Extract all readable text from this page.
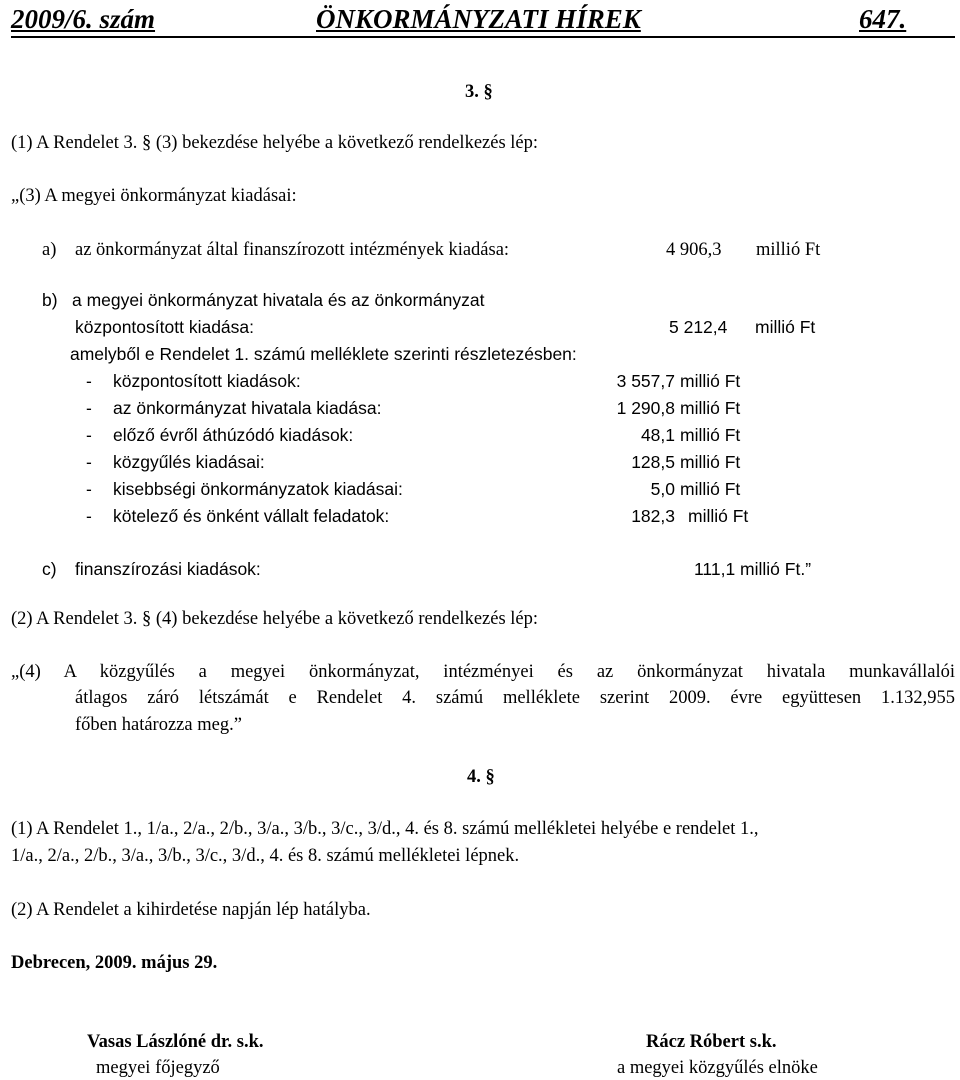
2009/6. szám	ÖNKORMÁNYZATI HÍREK	647.
3. §
(1) A Rendelet 3. § (3) bekezdése helyébe a következő rendelkezés lép:
„(3) A megyei önkormányzat kiadásai:
a) az önkormányzat által finanszírozott intézmények kiadása:	4 906,3 millió Ft
b) a megyei önkormányzat hivatala és az önkormányzat
központosított kiadása:	5 212,4 millió Ft
amelyből e Rendelet 1. számú melléklete szerinti részletezésben:
- központosított kiadások:	3 557,7 millió Ft
- az önkormányzat hivatala kiadása:	1 290,8 millió Ft
- előző évről áthúzódó kiadások:	48,1 millió Ft
- közgyűlés kiadásai:	128,5 millió Ft
- kisebbségi önkormányzatok kiadásai:	5,0 millió Ft
- kötelező és önként vállalt feladatok:	182,3 millió Ft
c) finanszírozási kiadások:	111,1 millió Ft.”
(2) A Rendelet 3. § (4) bekezdése helyébe a következő rendelkezés lép:
„(4) A közgyűlés a megyei önkormányzat, intézményei és az önkormányzat hivatala munkavállalói
átlagos záró létszámát e Rendelet 4. számú melléklete szerint 2009. évre együttesen 1.132,955
főben határozza meg.”
4. §
(1) A Rendelet 1., 1/a., 2/a., 2/b., 3/a., 3/b., 3/c., 3/d., 4. és 8. számú mellékletei helyébe e rendelet 1.,
1/a., 2/a., 2/b., 3/a., 3/b., 3/c., 3/d., 4. és 8. számú mellékletei lépnek.
(2) A Rendelet a kihirdetése napján lép hatályba.
Debrecen, 2009. május 29.
Vasas Lászlóné dr. s.k.
megyei főjegyző
Rácz Róbert s.k.
a megyei közgyűlés elnöke
